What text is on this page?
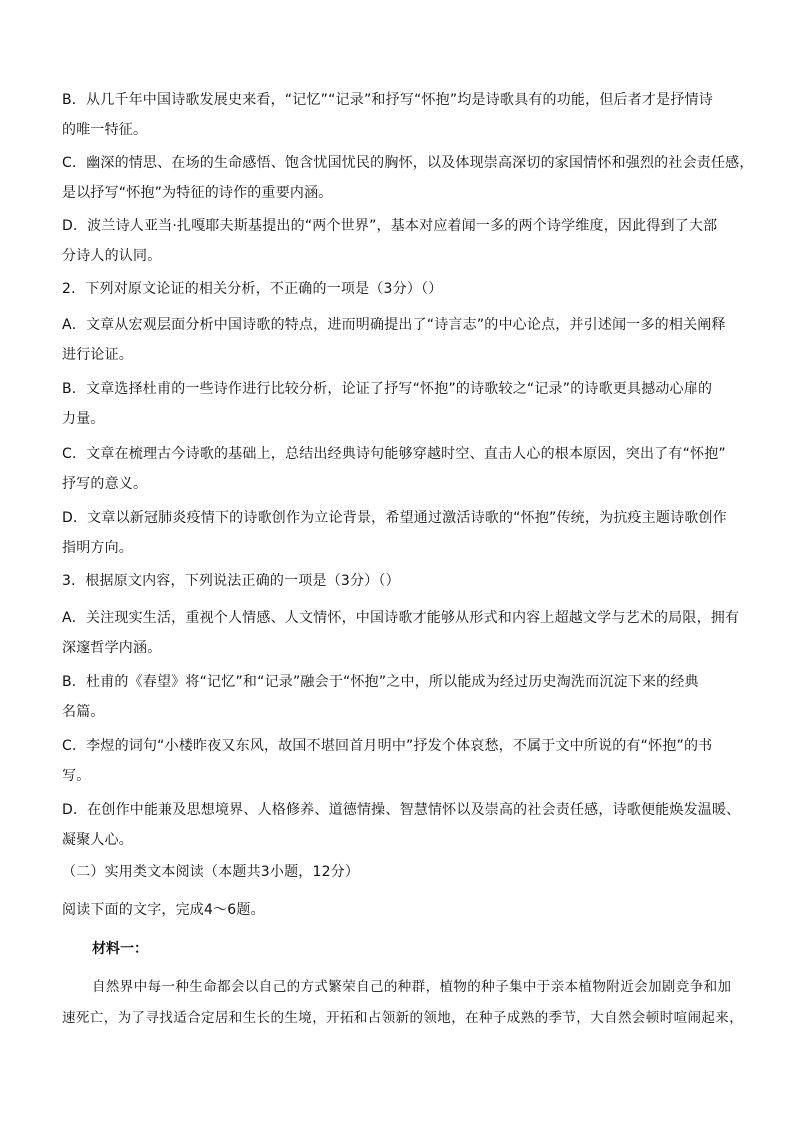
B．从几千年中国诗歌发展史来看，“记忆”“记录”和抒写“怀抱”均是诗歌具有的功能，但后者才是抒情诗
的唯一特征。

C．幽深的情思、在场的生命感悟、饱含忧国忧民的胸怀，以及体现崇高深切的家国情怀和强烈的社会责任感，
是以抒写“怀抱”为特征的诗作的重要内涵。

D．波兰诗人亚当·扎嘎耶夫斯基提出的“两个世界”，基本对应着闻一多的两个诗学维度，因此得到了大部
分诗人的认同。

2．下列对原文论证的相关分析，不正确的一项是（3分）（）

A．文章从宏观层面分析中国诗歌的特点，进而明确提出了“诗言志”的中心论点，并引述闻一多的相关阐释
进行论证。

B．文章选择杜甫的一些诗作进行比较分析，论证了抒写“怀抱”的诗歌较之“记录”的诗歌更具撼动心扉的
力量。

C．文章在梳理古今诗歌的基础上，总结出经典诗句能够穿越时空、直击人心的根本原因，突出了有“怀抱”
抒写的意义。

D．文章以新冠肺炎疫情下的诗歌创作为立论背景，希望通过激活诗歌的“怀抱”传统，为抗疫主题诗歌创作
指明方向。

3．根据原文内容，下列说法正确的一项是（3分）（）

A．关注现实生活，重视个人情感、人文情怀，中国诗歌才能够从形式和内容上超越文学与艺术的局限，拥有
深邃哲学内涵。

B．杜甫的《春望》将“记忆”和“记录”融会于“怀抱”之中，所以能成为经过历史淘洗而沉淀下来的经典
名篇。

C．李煜的词句“小楼昨夜又东风，故国不堪回首月明中”抒发个体哀愁，不属于文中所说的有“怀抱”的书
写。

D．在创作中能兼及思想境界、人格修养、道德情操、智慧情怀以及崇高的社会责任感，诗歌便能焕发温暖、
凝聚人心。

（二）实用类文本阅读（本题共3小题，12分）

阅读下面的文字，完成4～6题。

材料一：

自然界中每一种生命都会以自己的方式繁荣自己的种群，植物的种子集中于亲本植物附近会加剧竞争和加
速死亡，为了寻找适合定居和生长的生境，开拓和占领新的领地，在种子成熟的季节，大自然会顿时喧闹起来，
